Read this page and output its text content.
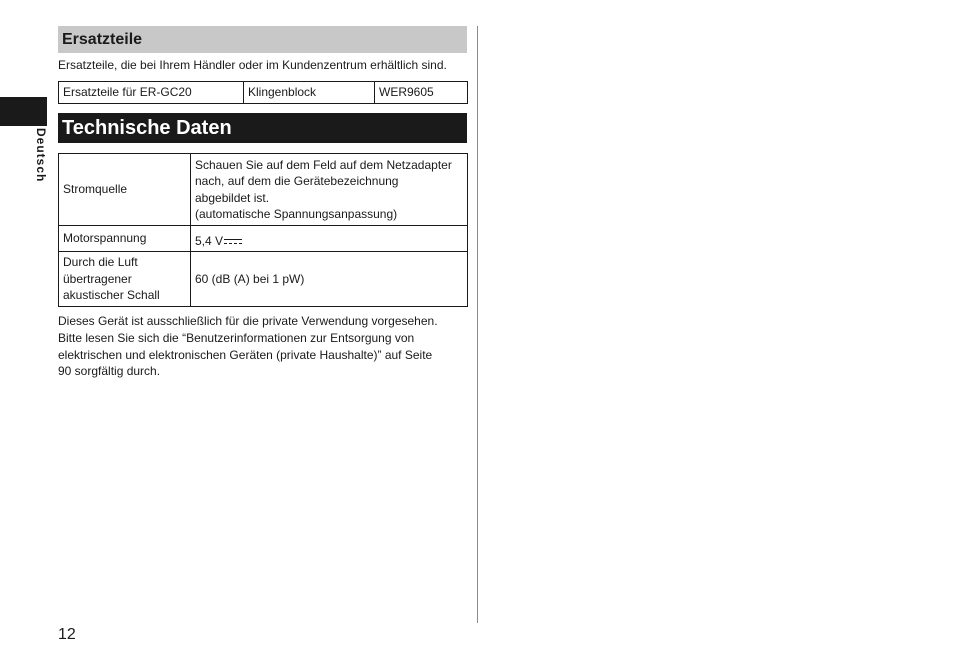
Deutsch
Ersatzteile
Ersatzteile, die bei Ihrem Händler oder im Kundenzentrum erhältlich sind.
Ersatzteile für ER-GC20	Klingenblock	WER9605
Technische Daten
Stromquelle	Schauen Sie auf dem Feld auf dem Netzadapter
nach, auf dem die Gerätebezeichnung
abgebildet ist.
(automatische Spannungsanpassung)
Motorspannung	5,4 V
Durch die Luft
übertragener
akustischer Schall	60 (dB (A) bei 1 pW)

Dieses Gerät ist ausschließlich für die private Verwendung vorgesehen.

Bitte lesen Sie sich die “Benutzerinformationen zur Entsorgung von

elektrischen und elektronischen Geräten (private Haushalte)” auf Seite

90 sorgfältig durch.

12
